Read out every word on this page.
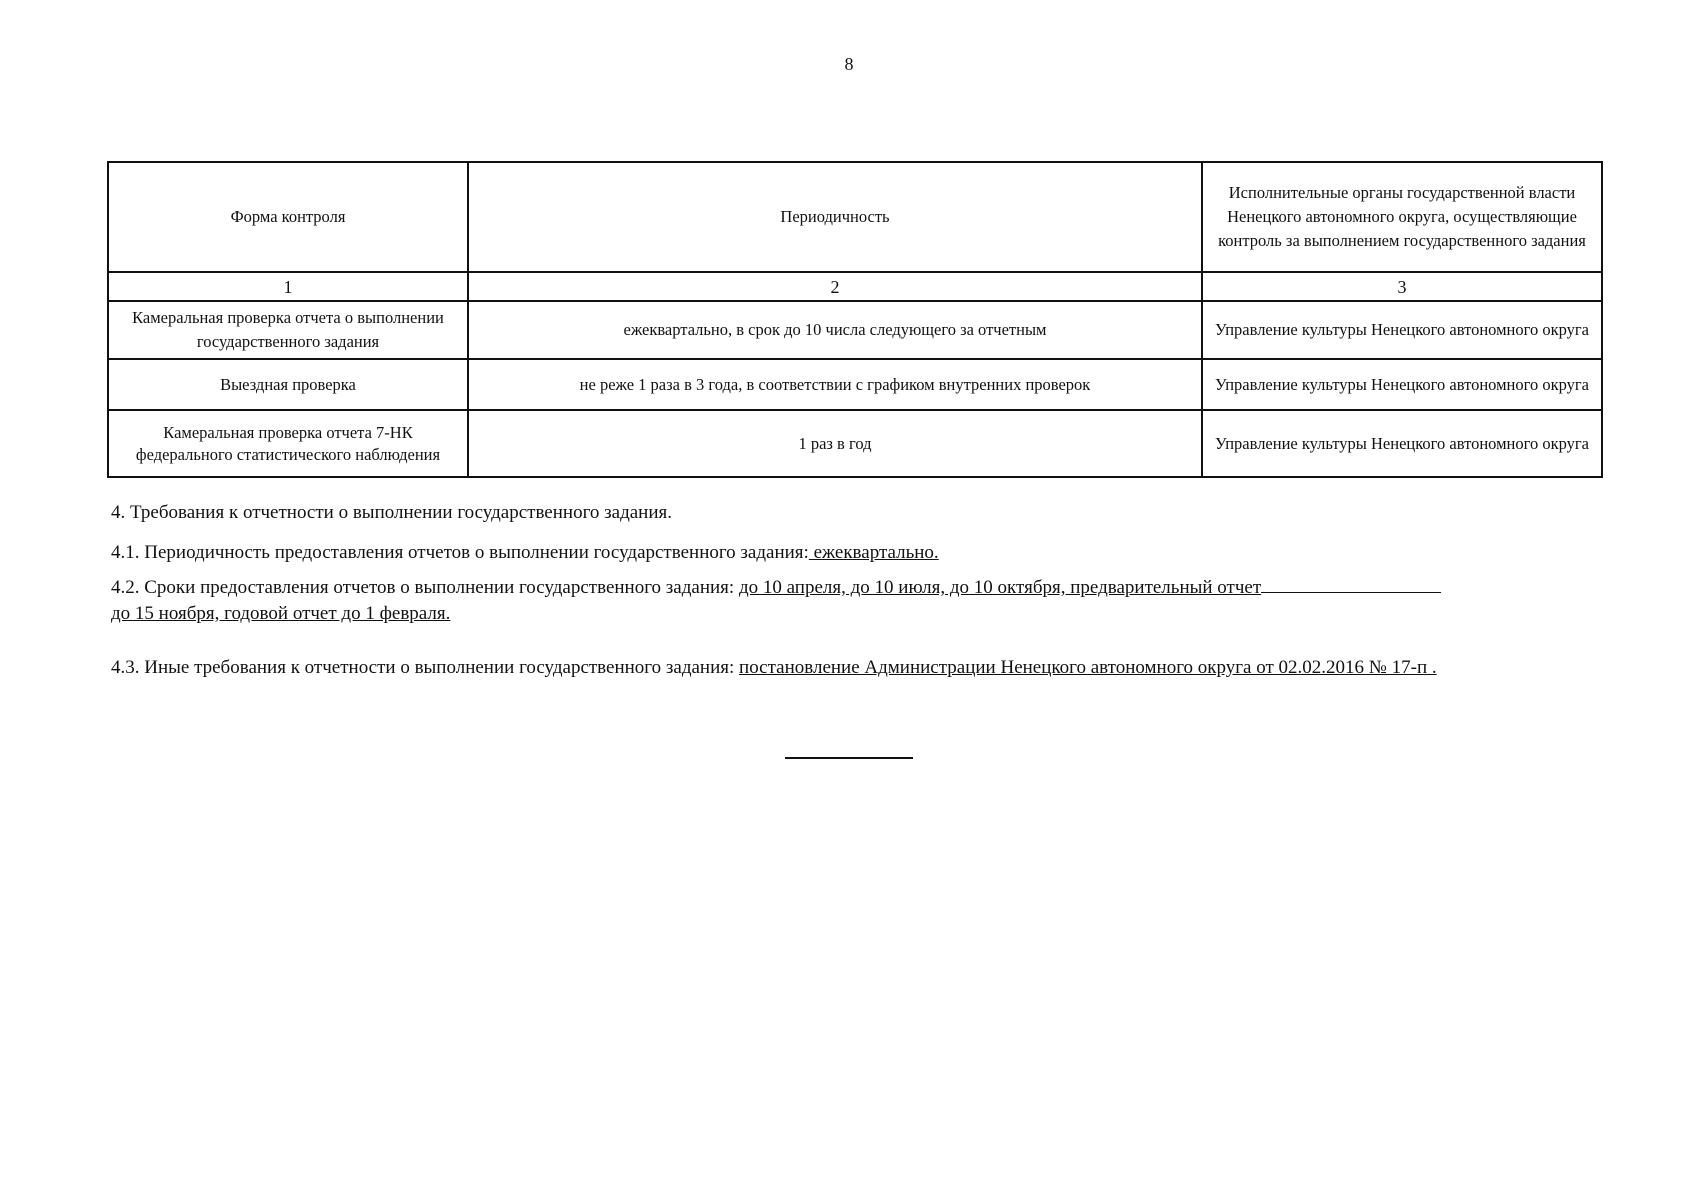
8
Форма контроля	Периодичность	Исполнительные органы государственной власти Ненецкого автономного округа, осуществляющие контроль за выполнением государственного задания
1	2	3
Камеральная проверка отчета о выполнении государственного задания	ежеквартально, в срок до 10 числа следующего за отчетным	Управление культуры Ненецкого автономного округа
Выездная проверка	не реже 1 раза в 3 года, в соответствии с графиком внутренних проверок	Управление культуры Ненецкого автономного округа
Камеральная проверка отчета 7-НК федерального статистического наблюдения	1 раз в год	Управление культуры Ненецкого автономного округа
4. Требования к отчетности о выполнении государственного задания.
4.1. Периодичность предоставления отчетов о выполнении государственного задания: ежеквартально.
4.2. Сроки предоставления отчетов о выполнении государственного задания: до 10 апреля, до 10 июля, до 10 октября, предварительный отчет
до 15 ноября, годовой отчет до 1 февраля.
4.3. Иные требования к отчетности о выполнении государственного задания: постановление Администрации Ненецкого автономного округа от 02.02.2016 № 17-п .
